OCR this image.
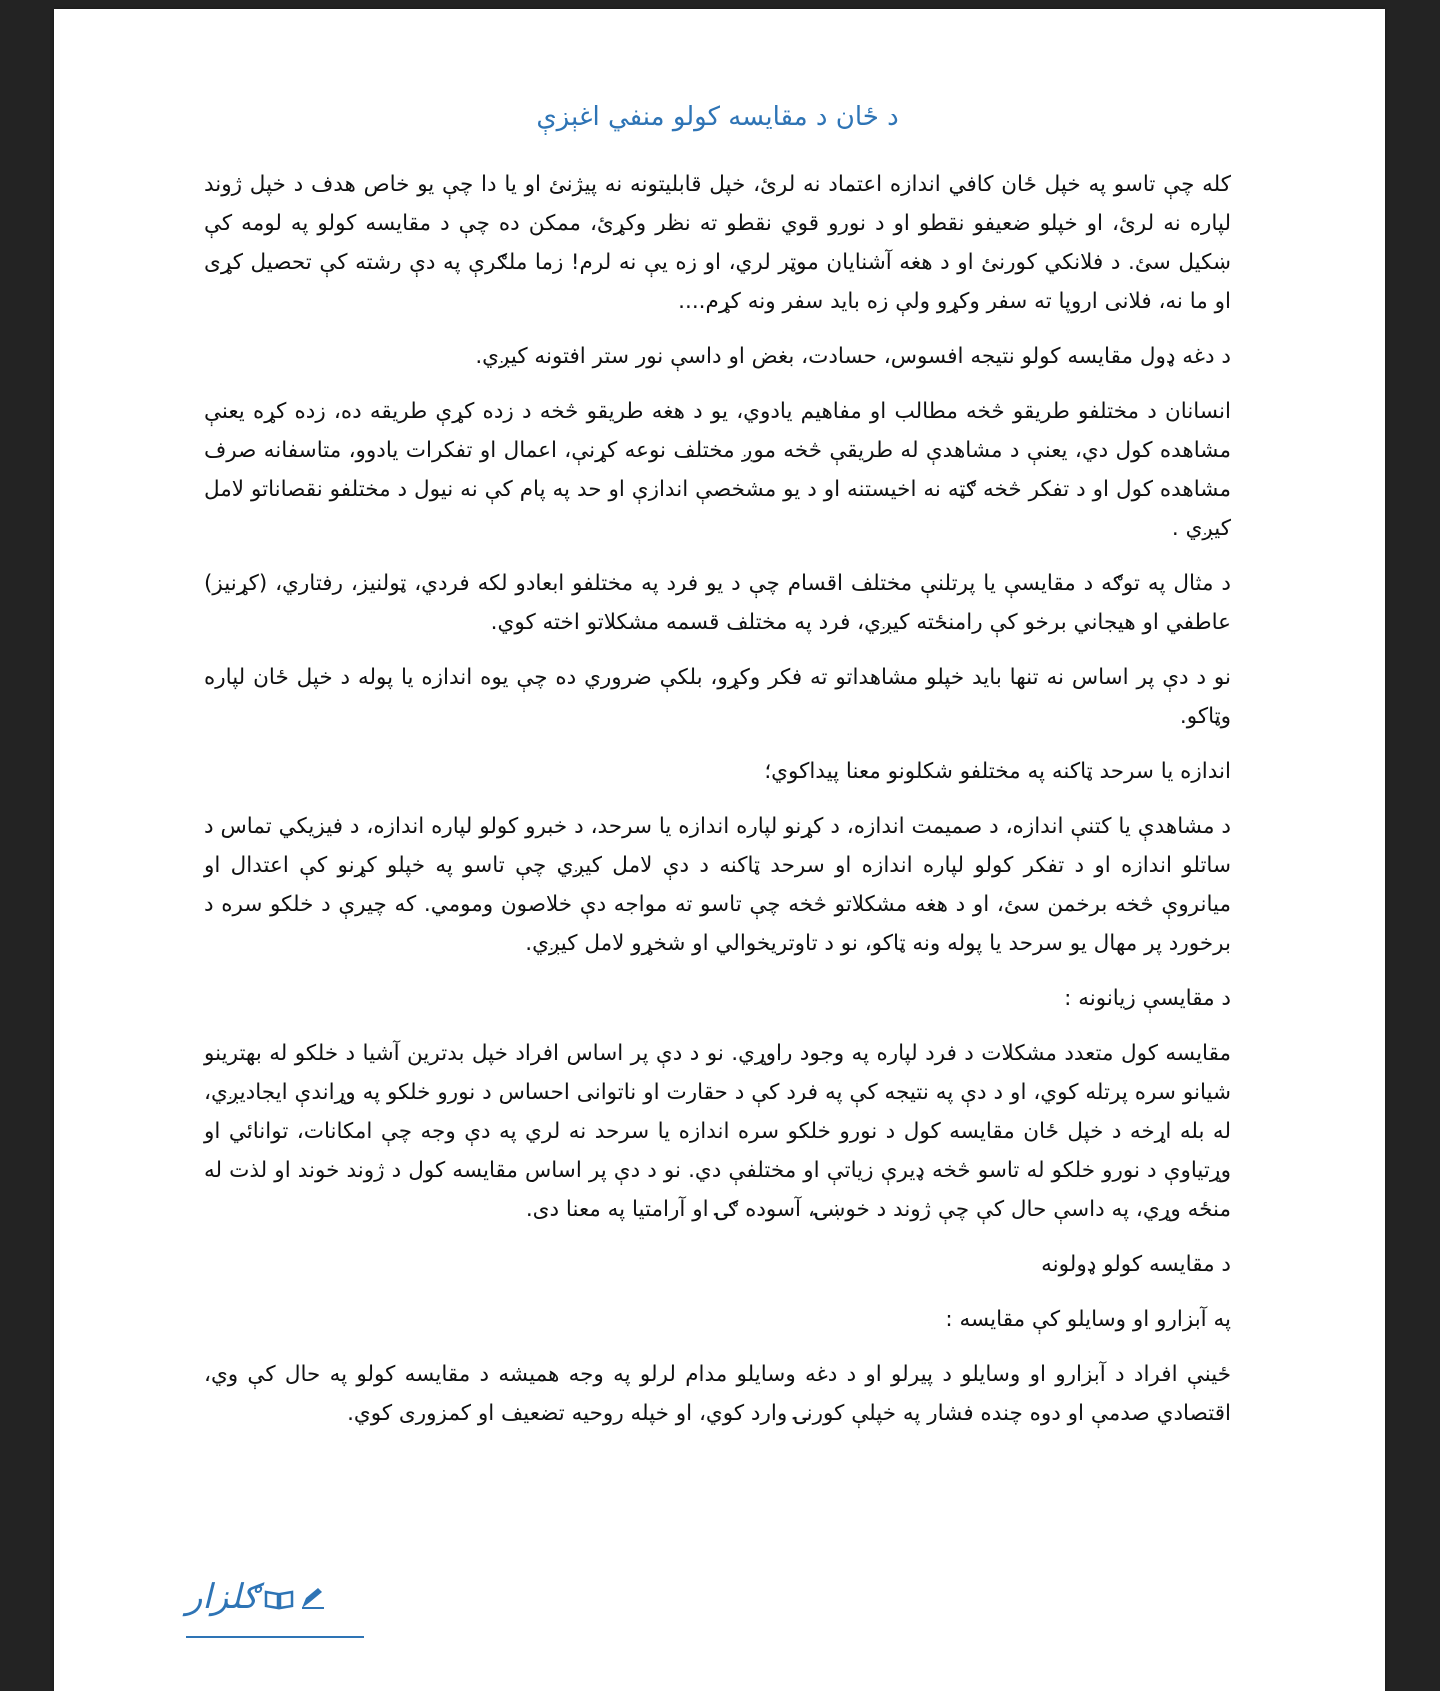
د ځان د مقايسه کولو منفي اغېزې

کله چې تاسو په خپل ځان کافي اندازه اعتماد نه لرئ، خپل قابليتونه نه پيژنئ او يا دا چې يو خاص هدف د خپل ژوند لپاره نه لرئ، او خپلو ضعيفو نقطو او د نورو قوي نقطو ته نظر وکړئ، ممکن ده چې د مقايسه کولو په لومه کې ښکيل سئ. د فلانکي کورنئ او د هغه آشنايان موټر لري، او زه يې نه لرم! زما ملګرې په دې رشته کې تحصيل کړی او ما نه، فلانی اروپا ته سفر وکړو ولې زه بايد سفر ونه کړم....

د دغه ډول مقايسه کولو نتيجه افسوس، حسادت، بغض او داسې نور ستر افتونه کيږي.

انسانان د مختلفو طريقو څخه مطالب او مفاهيم يادوي، يو د هغه طريقو څخه د زده کړې طريقه ده، زده کړه يعنې مشاهده کول دي، يعنې د مشاهدې له طريقې څخه موږ مختلف نوعه کړنې، اعمال او تفکرات يادوو، متاسفانه صرف مشاهده کول او د تفکر څخه ګټه نه اخيستنه او د يو مشخصې اندازې او حد په پام کې نه نيول د مختلفو نقصاناتو لامل کيږي .

د مثال په توګه د مقايسې يا پرتلنې مختلف اقسام چې د يو فرد په مختلفو ابعادو لکه فردي، ټولنيز، رفتاري، (کړنيز) عاطفي او هيجاني برخو کې رامنځته کيږي، فرد په مختلف قسمه مشکلاتو اخته کوي.

نو د دې پر اساس نه تنها بايد خپلو مشاهداتو ته فکر وکړو، بلکې ضروري ده چې يوه اندازه يا پوله د خپل ځان لپاره وټاکو.

اندازه يا سرحد ټاکنه په مختلفو شکلونو معنا پيداکوي؛

د مشاهدې يا کتنې اندازه، د صميمت اندازه، د کړنو لپاره اندازه يا سرحد، د خبرو کولو لپاره اندازه، د فيزيکي تماس د ساتلو اندازه او د تفکر کولو لپاره اندازه او سرحد ټاکنه د دې لامل کيږي چې تاسو په خپلو کړنو کې اعتدال او ميانروې څخه برخمن سئ، او د هغه مشکلاتو څخه چې تاسو ته مواجه دې خلاصون ومومي. که چيرې د خلکو سره د برخورد پر مهال يو سرحد يا پوله ونه ټاکو، نو د تاوتريخوالي او شخړو لامل کيږي.

د مقايسې زيانونه :

مقايسه کول متعدد مشکلات د فرد لپاره په وجود راوړي. نو د دې پر اساس افراد خپل بدترين آشيا د خلکو له بهترينو شيانو سره پرتله کوي، او د دې په نتيجه کې په فرد کې د حقارت او ناتوانی احساس د نورو خلکو په وړاندې ايجاديږي، له بله اړخه د خپل ځان مقايسه کول د نورو خلکو سره اندازه يا سرحد نه لري په دې وجه چې امکانات، توانائي او وړتياوې د نورو خلکو له تاسو څخه ډيرې زياتې او مختلفې دي. نو د دې پر اساس مقايسه کول د ژوند خوند او لذت له منځه وړي، په داسې حال کې چې ژوند د خوښۍ، آسوده ګۍ او آرامتيا په معنا دی.

د مقايسه کولو ډولونه

په آبزارو او وسايلو کې مقايسه :

ځينې افراد د آبزارو او وسايلو د پيرلو او د دغه وسايلو مدام لرلو په وجه هميشه د مقايسه کولو په حال کې وي، اقتصادي صدمې او دوه چنده فشار په خپلې کورنۍ وارد کوي، او خپله روحيه تضعيف او کمزوری کوي.

ګلزار
